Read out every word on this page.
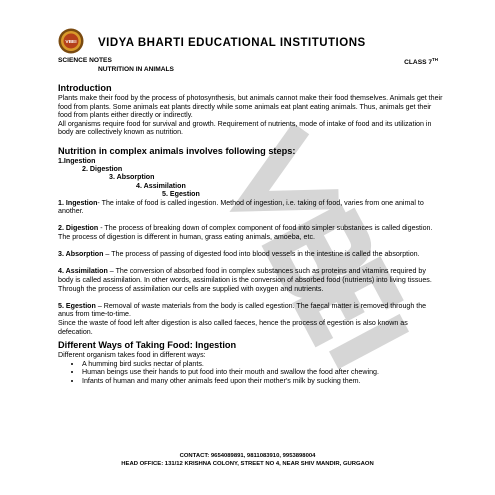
VBEI VIDYA BHARTI EDUCATIONAL INSTITUTIONS
SCIENCE NOTES	CLASS 7TH
NUTRITION IN ANIMALS
Introduction

Plants make their food by the process of photosynthesis, but animals cannot make their food themselves. Animals get their food from plants. Some animals eat plants directly while some animals eat plant eating animals. Thus, animals get their food from plants either directly or indirectly.

All organisms require food for survival and growth. Requirement of nutrients, mode of intake of food and its utilization in body are collectively known as nutrition.

Nutrition in complex animals involves following steps:
1.Ingestion
2. Digestion
3. Absorption
4. Assimilation
5. Egestion

1. Ingestion- The intake of food is called ingestion. Method of ingestion, i.e. taking of food, varies from one animal to another.

2. Digestion - The process of breaking down of complex component of food into simpler substances is called digestion. The process of digestion is different in human, grass eating animals, amoeba, etc.

3. Absorption – The process of passing of digested food into blood vessels in the intestine is called the absorption.

4. Assimilation – The conversion of absorbed food in complex substances such as proteins and vitamins required by body is called assimilation. In other words, assimilation is the conversion of absorbed food (nutrients) into living tissues. Through the process of assimilation our cells are supplied with oxygen and nutrients.

5. Egestion – Removal of waste materials from the body is called egestion. The faecal matter is removed through the anus from time-to-time.

Since the waste of food left after digestion is also called faeces, hence the process of egestion is also known as defecation.

Different Ways of Taking Food: Ingestion

Different organism takes food in different ways:

• A humming bird sucks nectar of plants.
• Human beings use their hands to put food into their mouth and swallow the food after chewing.
• Infants of human and many other animals feed upon their mother's milk by sucking them.
CONTACT: 9654089891, 9811083910, 9953898004
HEAD OFFICE: 131/12 KRISHNA COLONY, STREET NO 4, NEAR SHIV MANDIR, GURGAON
